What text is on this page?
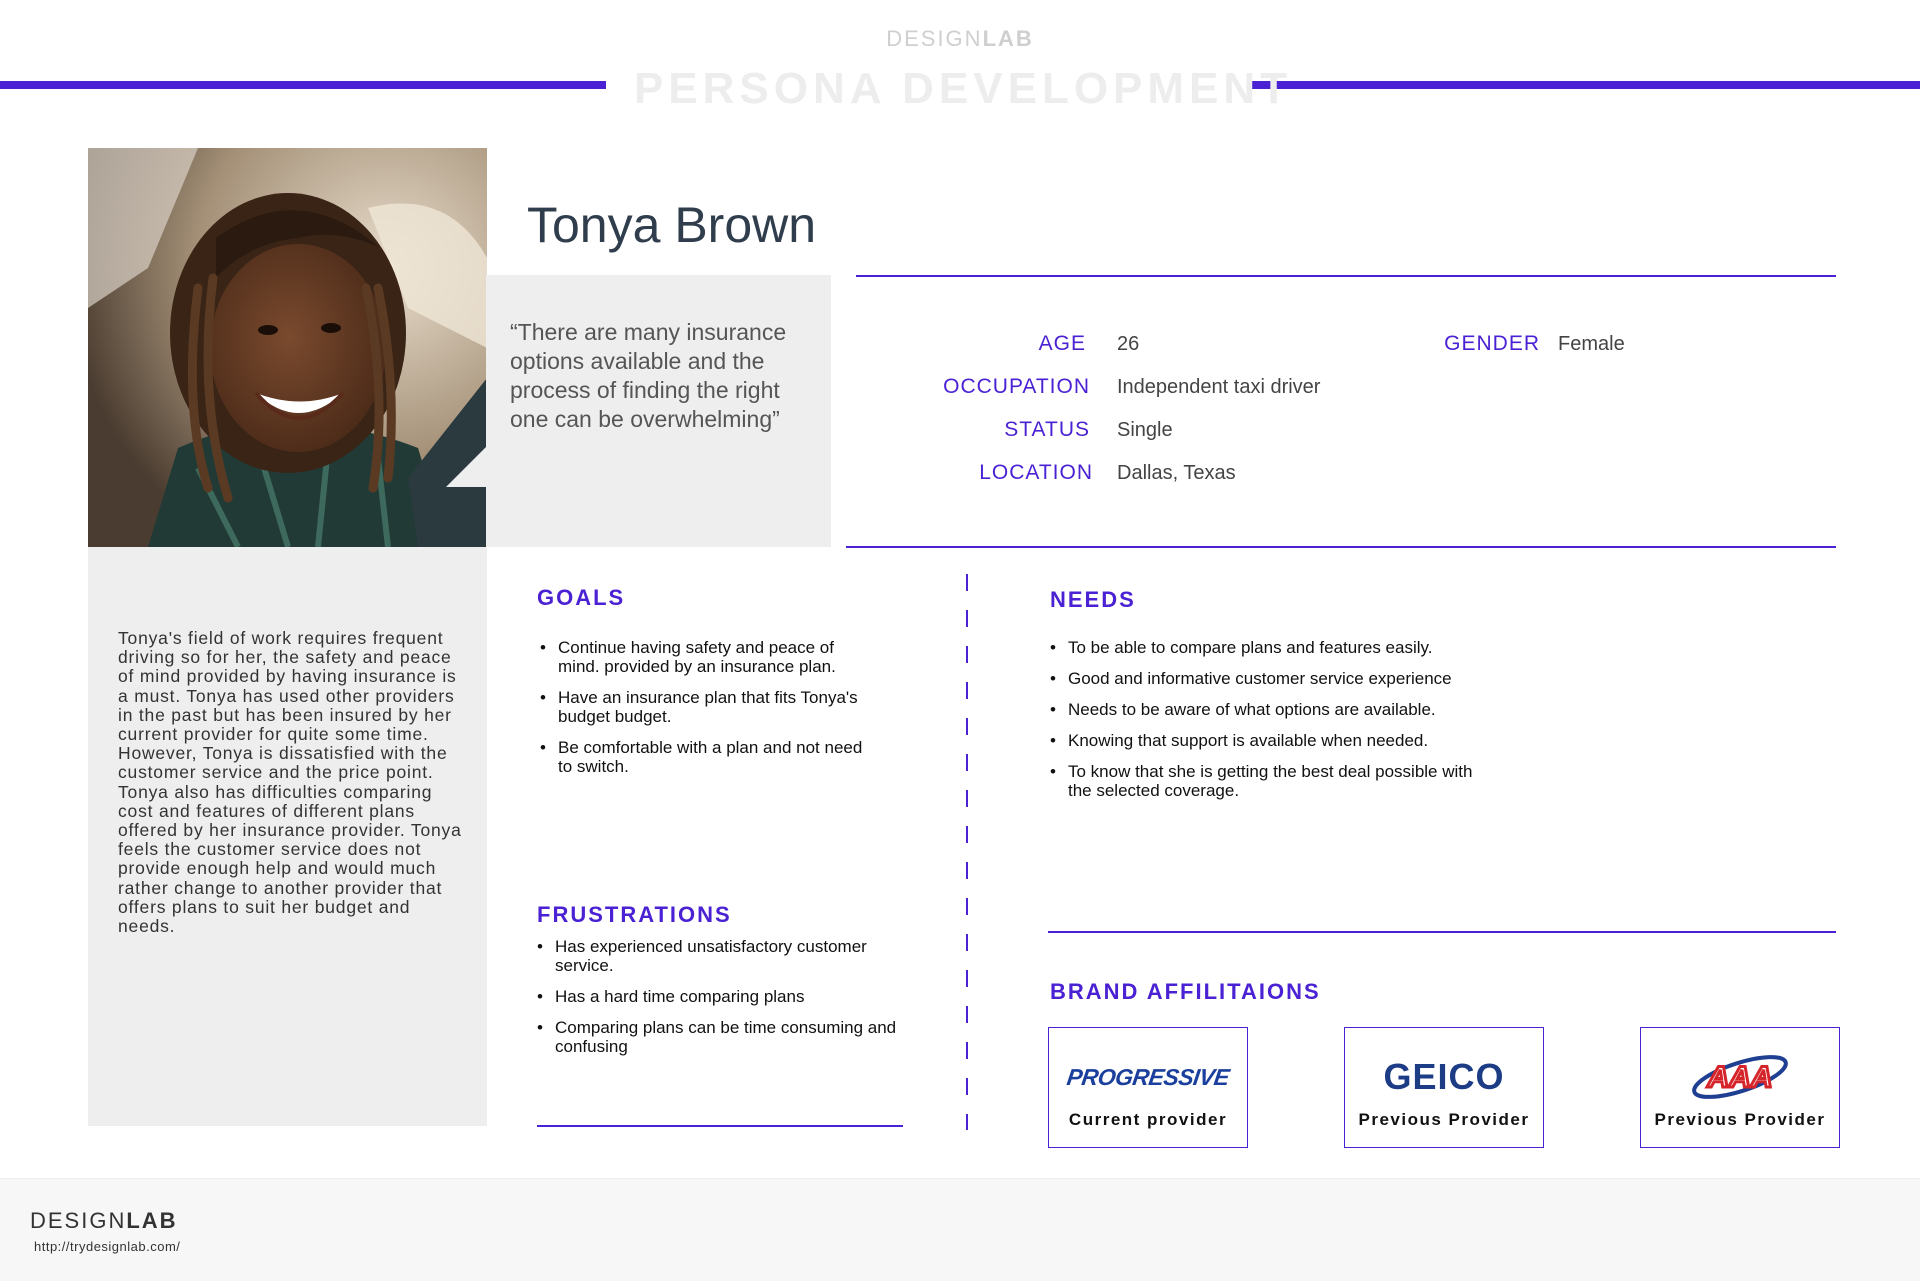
DESIGNLAB
PERSONA DEVELOPMENT
“There are many insurance options available and the process of finding the right one can be overwhelming”
Tonya Brown
AGE 26	GENDER Female
OCCUPATION Independent taxi driver
STATUS Single
LOCATION Dallas, Texas
Tonya's field of work requires frequent driving so for her, the safety and peace of mind provided by having insurance is a must. Tonya has used other providers in the past but has been insured by her current provider for quite some time. However, Tonya is dissatisfied with the customer service and the price point. Tonya also has difficulties comparing cost and features of different plans offered by her insurance provider. Tonya feels the customer service does not provide enough help and would much rather change to another provider that offers plans to suit her budget and needs.
GOALS
• Continue having safety and peace of mind. provided by an insurance plan.
• Have an insurance plan that fits Tonya's budget budget.
• Be comfortable with a plan and not need to switch.
FRUSTRATIONS
• Has experienced unsatisfactory customer service.
• Has a hard time comparing plans
• Comparing plans can be time consuming and confusing
NEEDS
• To be able to compare plans and features easily.
• Good and informative customer service experience
• Needs to be aware of what options are available.
• Knowing that support is available when needed.
• To know that she is getting the best deal possible with the selected coverage.
BRAND AFFILITAIONS
PROGRESSIVE
Current provider
GEICO
Previous Provider
AAA
Previous Provider
DESIGNLAB
http://trydesignlab.com/
